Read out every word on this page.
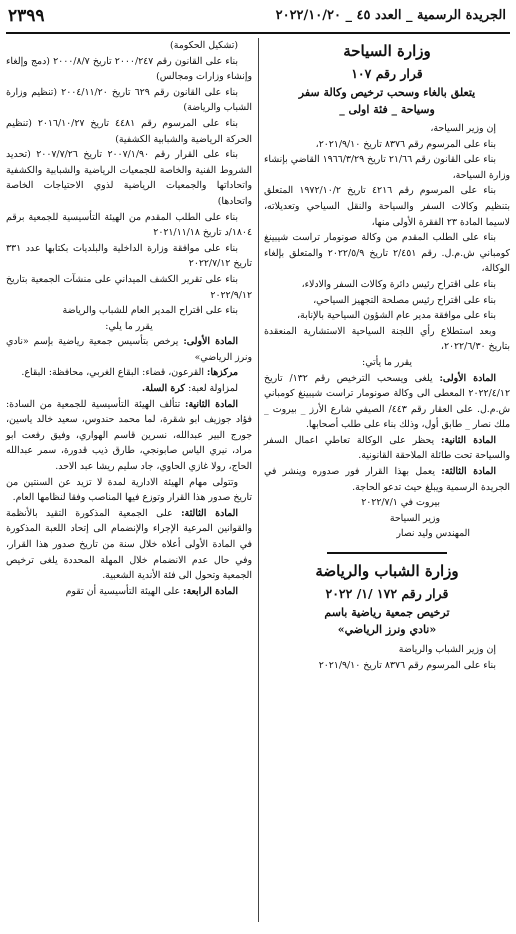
الجريدة الرسمية _ العدد ٤٥ _ ٢٠٢٢/١٠/٢٠
٢٣٩٩
وزارة السياحة
قرار رقم ١٠٧
يتعلق بالغاء وسحب ترخيص وكالة سفر
وسياحة _ فئة اولى _

إن وزير السياحة،

بناء على المرسوم رقم ٨٣٧٦ تاريخ ٢٠٢١/٩/١٠،

بناء على القانون رقم ٢١/٦٦ تاريخ ١٩٦٦/٣/٢٩ القاضي بإنشاء وزارة السياحة،

بناء على المرسوم رقم ٤٢١٦ تاريخ ١٩٧٢/١٠/٢ المتعلق بتنظيم وكالات السفر والسياحة والنقل السياحي وتعديلاته، لاسيما المادة ٢٣ الفقرة الأولى منها،

بناء على الطلب المقدم من وكالة صونومار تراست شيبينغ كومباني ش.م.ل. رقم ٢/٤٥١ تاريخ ٢٠٢٢/٥/٩ والمتعلق بإلغاء الوكالة،

بناء على اقتراح رئيس دائرة وكالات السفر والادلاء،

بناء على اقتراح رئيس مصلحة التجهيز السياحي،

بناء على موافقة مدير عام الشؤون السياحية بالإنابة،

وبعد استطلاع رأي اللجنة السياحية الاستشارية المنعقدة بتاريخ ٢٠٢٢/٦/٣٠،

يقرر ما يأتي:

المادة الأولى: يلغى ويسحب الترخيص رقم ١٣٢/ تاريخ ٢٠٢٢/٤/١٢ المعطى الى وكالة صونومار تراست شيبينغ كومباني ش.م.ل. على العقار رقم ٤٤٣/ الصيفي شارع الأرز _ بيروت _ ملك نصار _ طابق أول، وذلك بناء على طلب أصحابها.

المادة الثانية: يحظر على الوكالة تعاطي اعمال السفر والسياحة تحت طائلة الملاحقة القانونية.

المادة الثالثة: يعمل بهذا القرار فور صدوره وينشر في الجريدة الرسمية ويبلغ حيث تدعو الحاجة.

بيروت في ٢٠٢٢/٧/١

وزير السياحة

المهندس وليد نصار

وزارة الشباب والرياضة
قرار رقم ١٧٢ /١/ ٢٠٢٢
ترخيص جمعية رياضية باسم
«نادي ونرز الرياضي»

إن وزير الشباب والرياضة

بناء على المرسوم رقم ٨٣٧٦ تاريخ ٢٠٢١/٩/١٠

(تشكيل الحكومة)

بناء على القانون رقم ٢٠٠٠/٢٤٧ تاريخ ٢٠٠٠/٨/٧ (دمج وإلغاء وإنشاء وزارات ومجالس)

بناء على القانون رقم ٦٢٩ تاريخ ٢٠٠٤/١١/٢٠ (تنظيم وزارة الشباب والرياضة)

بناء على المرسوم رقم ٤٤٨١ تاريخ ٢٠١٦/١٠/٢٧ (تنظيم الحركة الرياضية والشبابية الكشفية)

بناء على القرار رقم ٢٠٠٧/١/٩٠ تاريخ ٢٠٠٧/٧/٢٦ (تحديد الشروط الفنية والخاصة للجمعيات الرياضية والشبابية والكشفية واتحاداتها والجمعيات الرياضية لذوي الاحتياجات الخاصة واتحادها)

بناء على الطلب المقدم من الهيئة التأسيسية للجمعية برقم ١٨٠٤/د تاريخ ٢٠٢١/١١/١٨

بناء على موافقة وزارة الداخلية والبلديات بكتابها عدد ٣٣١ تاريخ ٢٠٢٢/٧/١٢

بناء على تقرير الكشف الميداني على منشآت الجمعية بتاريخ ٢٠٢٢/٩/١٢

بناء على اقتراح المدير العام للشباب والرياضة

يقرر ما يلي:

المادة الأولى: يرخص بتأسيس جمعية رياضية بإسم «نادي ونرز الرياضي»

مركزها: القرعون، قضاء: البقاع الغربي، محافظة: البقاع.

لمزاولة لعبة: كرة السلة.

المادة الثانية: تتألف الهيئة التأسيسية للجمعية من السادة: فؤاد جوزيف ابو شقرة، لما محمد حندوس، سعيد خالد ياسين، جورج البير عبدالله، نسرين قاسم الهواري، وفيق رفعت ابو مراد، نيري الياس صابونجي، طارق ذيب قدورة، سمر عبدالله الحاج، رولا غازي الحاوي، جاد سليم ريشا عبد الاحد.

وتتولى مهام الهيئة الادارية لمدة لا تزيد عن السنتين من تاريخ صدور هذا القرار وتوزع فيها المناصب وفقا لنظامها العام.

المادة الثالثة: على الجمعية المذكورة التقيد بالأنظمة والقوانين المرعية الإجراء والإنضمام الى إتحاد اللعبة المذكورة في المادة الأولى أعلاه خلال سنة من تاريخ صدور هذا القرار، وفي حال عدم الانضمام خلال المهلة المحددة يلغى ترخيص الجمعية وتحول الى فئة الأندية الشعبية.

المادة الرابعة: على الهيئة التأسيسية أن تقوم
